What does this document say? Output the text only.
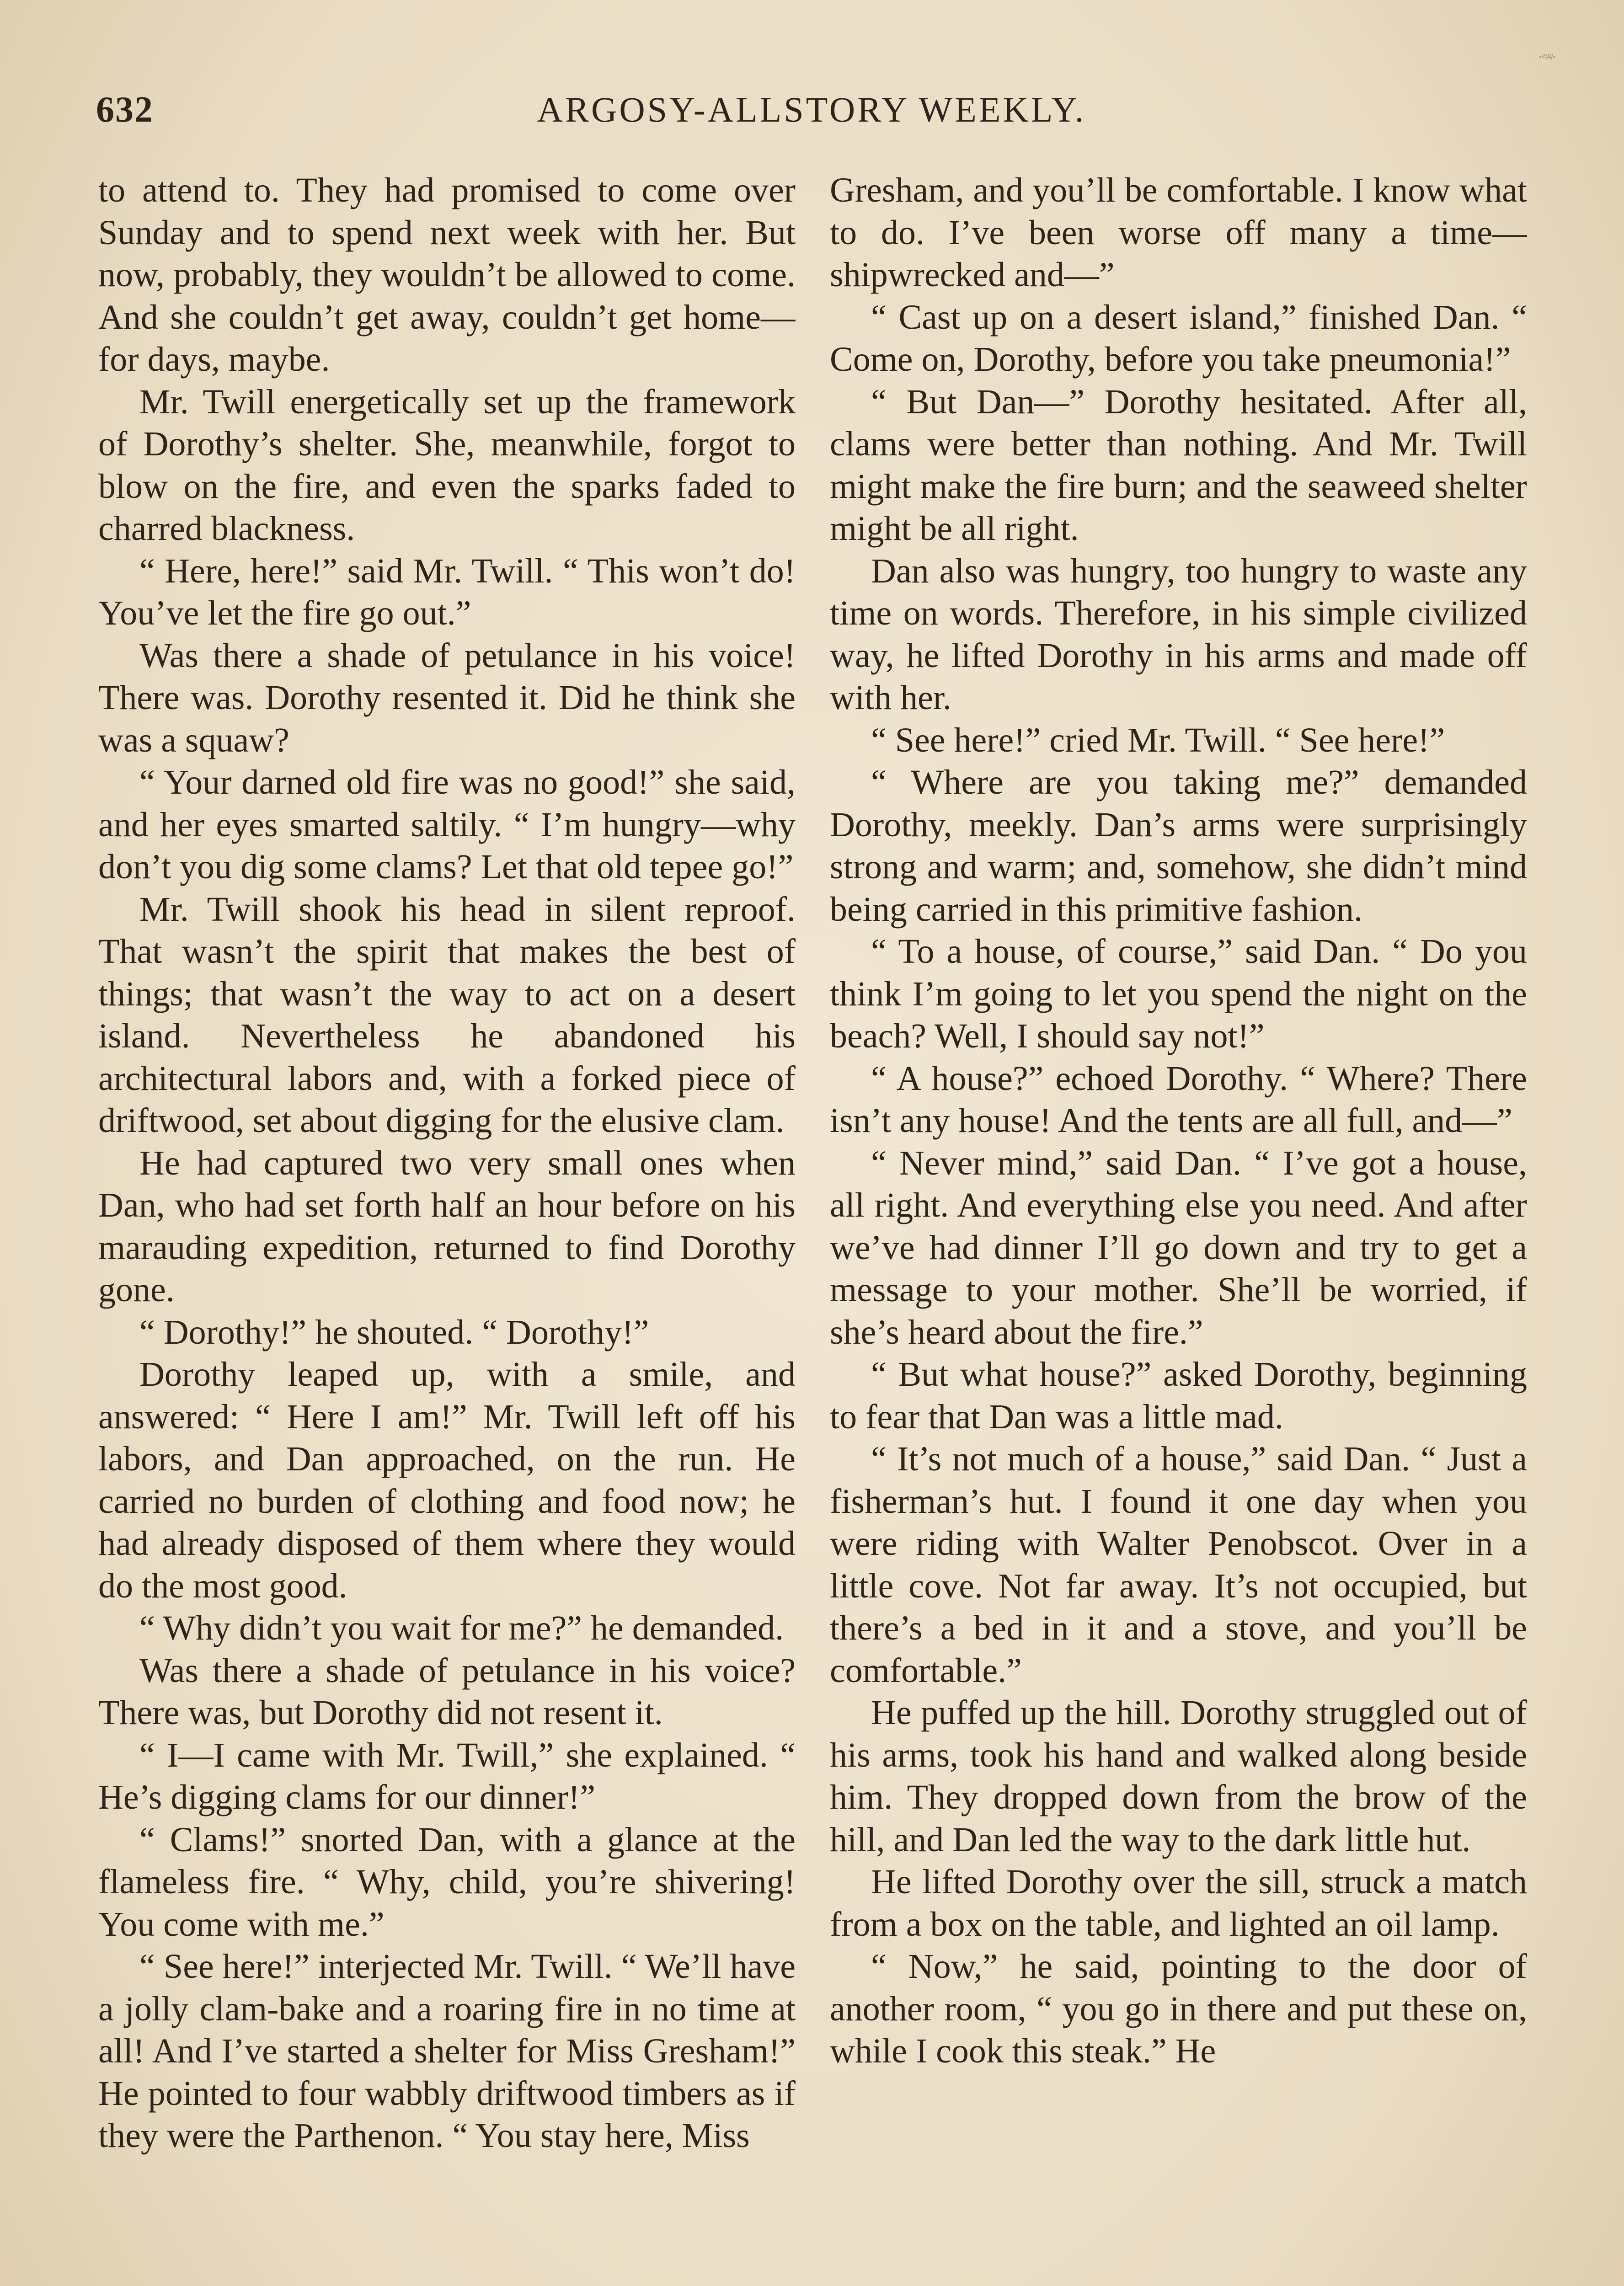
632	ARGOSY-ALLSTORY WEEKLY.
·ᵉᵍᵍ·

to attend to. They had promised to come over Sunday and to spend next week with her. But now, probably, they wouldn’t be allowed to come. And she couldn’t get away, couldn’t get home—for days, maybe.

Mr. Twill energetically set up the framework of Dorothy’s shelter. She, meanwhile, forgot to blow on the fire, and even the sparks faded to charred blackness.

“ Here, here!” said Mr. Twill. “ This won’t do! You’ve let the fire go out.”

Was there a shade of petulance in his voice! There was. Dorothy resented it. Did he think she was a squaw?

“ Your darned old fire was no good!” she said, and her eyes smarted saltily. “ I’m hungry—why don’t you dig some clams? Let that old tepee go!”

Mr. Twill shook his head in silent reproof. That wasn’t the spirit that makes the best of things; that wasn’t the way to act on a desert island. Nevertheless he abandoned his architectural labors and, with a forked piece of driftwood, set about digging for the elusive clam.

He had captured two very small ones when Dan, who had set forth half an hour before on his marauding expedition, returned to find Dorothy gone.

“ Dorothy!” he shouted. “ Dorothy!”

Dorothy leaped up, with a smile, and answered: “ Here I am!” Mr. Twill left off his labors, and Dan approached, on the run. He carried no burden of clothing and food now; he had already disposed of them where they would do the most good.

“ Why didn’t you wait for me?” he demanded.

Was there a shade of petulance in his voice? There was, but Dorothy did not resent it.

“ I—I came with Mr. Twill,” she explained. “ He’s digging clams for our dinner!”

“ Clams!” snorted Dan, with a glance at the flameless fire. “ Why, child, you’re shivering! You come with me.”

“ See here!” interjected Mr. Twill. “ We’ll have a jolly clam-bake and a roaring fire in no time at all! And I’ve started a shelter for Miss Gresham!” He pointed to four wabbly driftwood timbers as if they were the Parthenon. “ You stay here, Miss

Gresham, and you’ll be comfortable. I know what to do. I’ve been worse off many a time—shipwrecked and—”

“ Cast up on a desert island,” finished Dan. “ Come on, Dorothy, before you take pneumonia!”

“ But Dan—” Dorothy hesitated. After all, clams were better than nothing. And Mr. Twill might make the fire burn; and the seaweed shelter might be all right.

Dan also was hungry, too hungry to waste any time on words. Therefore, in his simple civilized way, he lifted Dorothy in his arms and made off with her.

“ See here!” cried Mr. Twill. “ See here!”

“ Where are you taking me?” demanded Dorothy, meekly. Dan’s arms were surprisingly strong and warm; and, somehow, she didn’t mind being carried in this primitive fashion.

“ To a house, of course,” said Dan. “ Do you think I’m going to let you spend the night on the beach? Well, I should say not!”

“ A house?” echoed Dorothy. “ Where? There isn’t any house! And the tents are all full, and—”

“ Never mind,” said Dan. “ I’ve got a house, all right. And everything else you need. And after we’ve had dinner I’ll go down and try to get a message to your mother. She’ll be worried, if she’s heard about the fire.”

“ But what house?” asked Dorothy, beginning to fear that Dan was a little mad.

“ It’s not much of a house,” said Dan. “ Just a fisherman’s hut. I found it one day when you were riding with Walter Penobscot. Over in a little cove. Not far away. It’s not occupied, but there’s a bed in it and a stove, and you’ll be comfortable.”

He puffed up the hill. Dorothy struggled out of his arms, took his hand and walked along beside him. They dropped down from the brow of the hill, and Dan led the way to the dark little hut.

He lifted Dorothy over the sill, struck a match from a box on the table, and lighted an oil lamp.

“ Now,” he said, pointing to the door of another room, “ you go in there and put these on, while I cook this steak.” He
